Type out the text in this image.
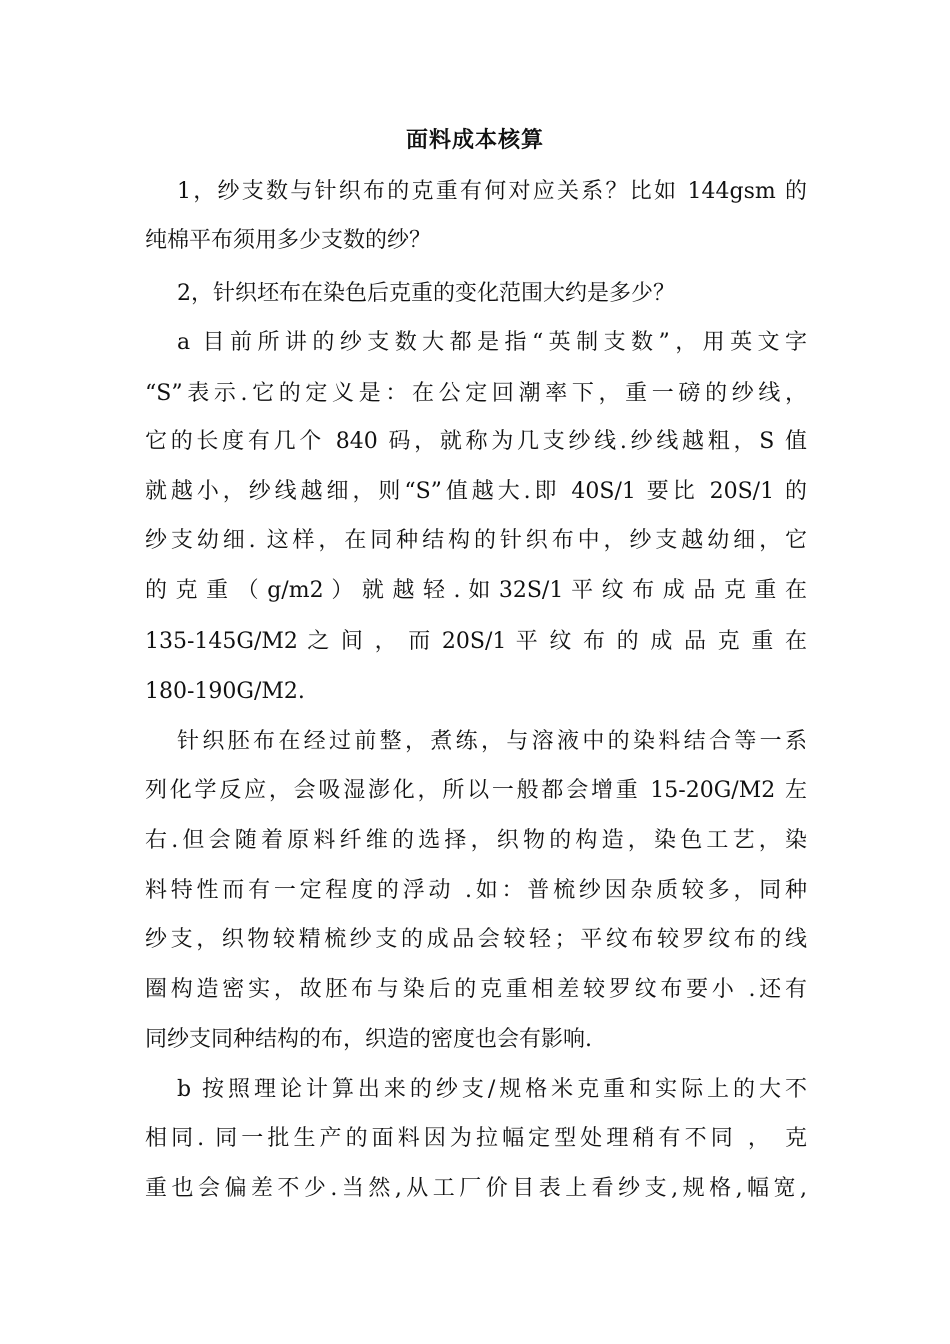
面料成本核算
1，纱支数与针织布的克重有何对应关系？比如 144gsm 的
纯棉平布须用多少支数的纱？
2，针织坯布在染色后克重的变化范围大约是多少？
a 目前所讲的纱支数大都是指“英制支数”，用英文字
“S”表示.它的定义是：在公定回潮率下，重一磅的纱线，
它的长度有几个 840 码，就称为几支纱线.纱线越粗，S 值
就越小，纱线越细，则“S”值越大.即 40S/1 要比 20S/1 的
纱支幼细. 这样，在同种结构的针织布中，纱支越幼细，它
的 克 重 （ g/m2 ） 就 越 轻 . 如 32S/1 平 纹 布 成 品 克 重 在
135-145G/M2 之 间 ， 而 20S/1 平 纹 布 的 成 品 克 重 在
180-190G/M2.
针织胚布在经过前整，煮练，与溶液中的染料结合等一系
列化学反应，会吸湿澎化，所以一般都会增重 15-20G/M2 左
右.但会随着原料纤维的选择，织物的构造，染色工艺，染
料特性而有一定程度的浮动 .如：普梳纱因杂质较多，同种
纱支，织物较精梳纱支的成品会较轻；平纹布较罗纹布的线
圈构造密实，故胚布与染后的克重相差较罗纹布要小 .还有
同纱支同种结构的布，织造的密度也会有影响.
b 按照理论计算出来的纱支/规格米克重和实际上的大不
相同. 同一批生产的面料因为拉幅定型处理稍有不同 ， 克
重也会偏差不少.当然,从工厂价目表上看纱支,规格,幅宽,
